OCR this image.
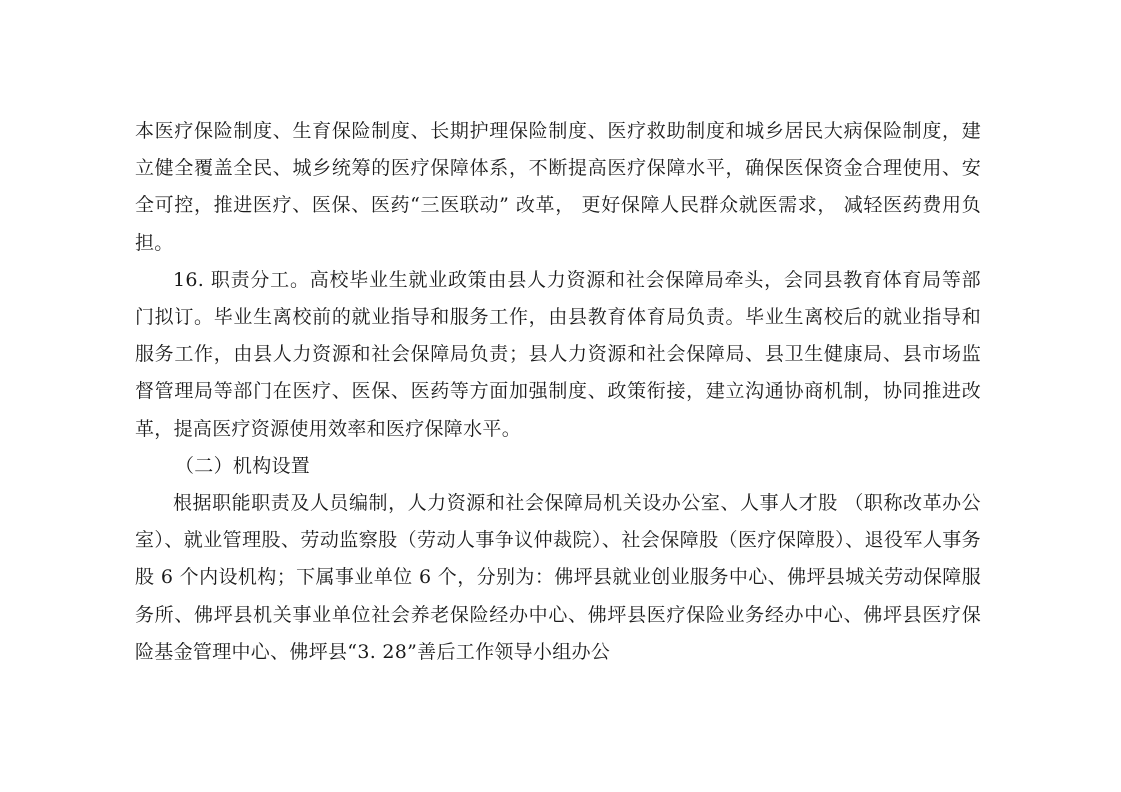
本医疗保险制度、生育保险制度、长期护理保险制度、医疗救助制度和城乡居民大病保险制度，建立健全覆盖全民、城乡统筹的医疗保障体系，不断提高医疗保障水平，确保医保资金合理使用、安全可控，推进医疗、医保、医药“三医联动” 改革， 更好保障人民群众就医需求， 减轻医药费用负担。

16. 职责分工。高校毕业生就业政策由县人力资源和社会保障局牵头，会同县教育体育局等部门拟订。毕业生离校前的就业指导和服务工作，由县教育体育局负责。毕业生离校后的就业指导和服务工作，由县人力资源和社会保障局负责；县人力资源和社会保障局、县卫生健康局、县市场监督管理局等部门在医疗、医保、医药等方面加强制度、政策衔接，建立沟通协商机制，协同推进改革，提高医疗资源使用效率和医疗保障水平。

（二）机构设置

根据职能职责及人员编制，人力资源和社会保障局机关设办公室、人事人才股 （职称改革办公室）、就业管理股、劳动监察股（劳动人事争议仲裁院）、社会保障股（医疗保障股）、退役军人事务股 6 个内设机构；下属事业单位 6 个，分别为：佛坪县就业创业服务中心、佛坪县城关劳动保障服务所、佛坪县机关事业单位社会养老保险经办中心、佛坪县医疗保险业务经办中心、佛坪县医疗保险基金管理中心、佛坪县“3. 28”善后工作领导小组办公
